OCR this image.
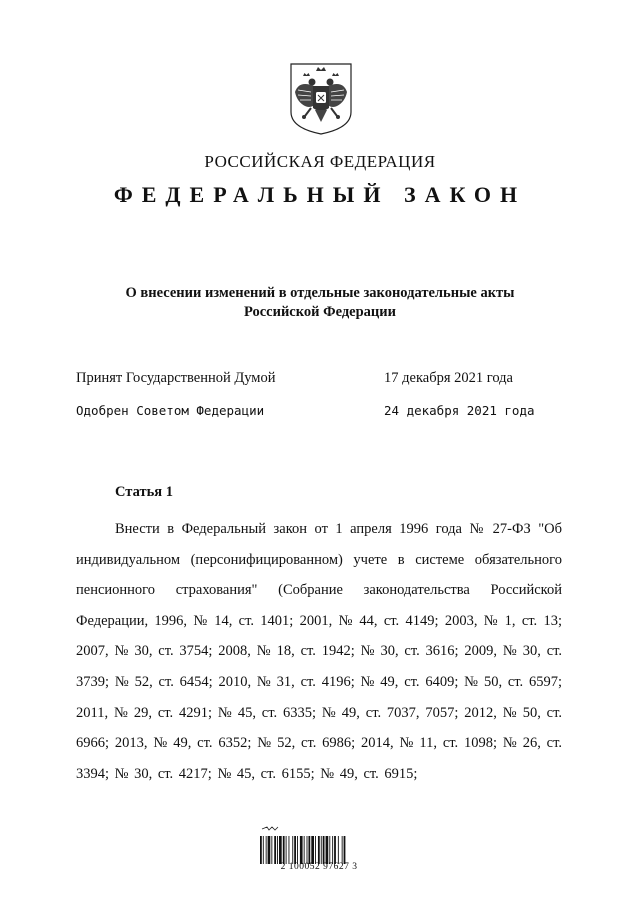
РОССИЙСКАЯ ФЕДЕРАЦИЯ
ФЕДЕРАЛЬНЫЙ ЗАКОН
О внесении изменений в отдельные законодательные акты
Российской Федерации
Принят Государственной Думой	17 декабря 2021 года
Одобрен Советом Федерации	24 декабря 2021 года
Статья 1
Внести в Федеральный закон от 1 апреля 1996 года № 27-ФЗ "Об индивидуальном (персонифицированном) учете в системе обязательного пенсионного страхования" (Собрание законодательства Российской Федерации, 1996, № 14, ст. 1401; 2001, № 44, ст. 4149; 2003, № 1, ст. 13; 2007, № 30, ст. 3754; 2008, № 18, ст. 1942; № 30, ст. 3616; 2009, № 30, ст. 3739; № 52, ст. 6454; 2010, № 31, ст. 4196; № 49, ст. 6409; № 50, ст. 6597; 2011, № 29, ст. 4291; № 45, ст. 6335; № 49, ст. 7037, 7057; 2012, № 50, ст. 6966; 2013, № 49, ст. 6352; № 52, ст. 6986; 2014, № 11, ст. 1098; № 26, ст. 3394; № 30, ст. 4217; № 45, ст. 6155; № 49, ст. 6915;
2 100052 97627 3
